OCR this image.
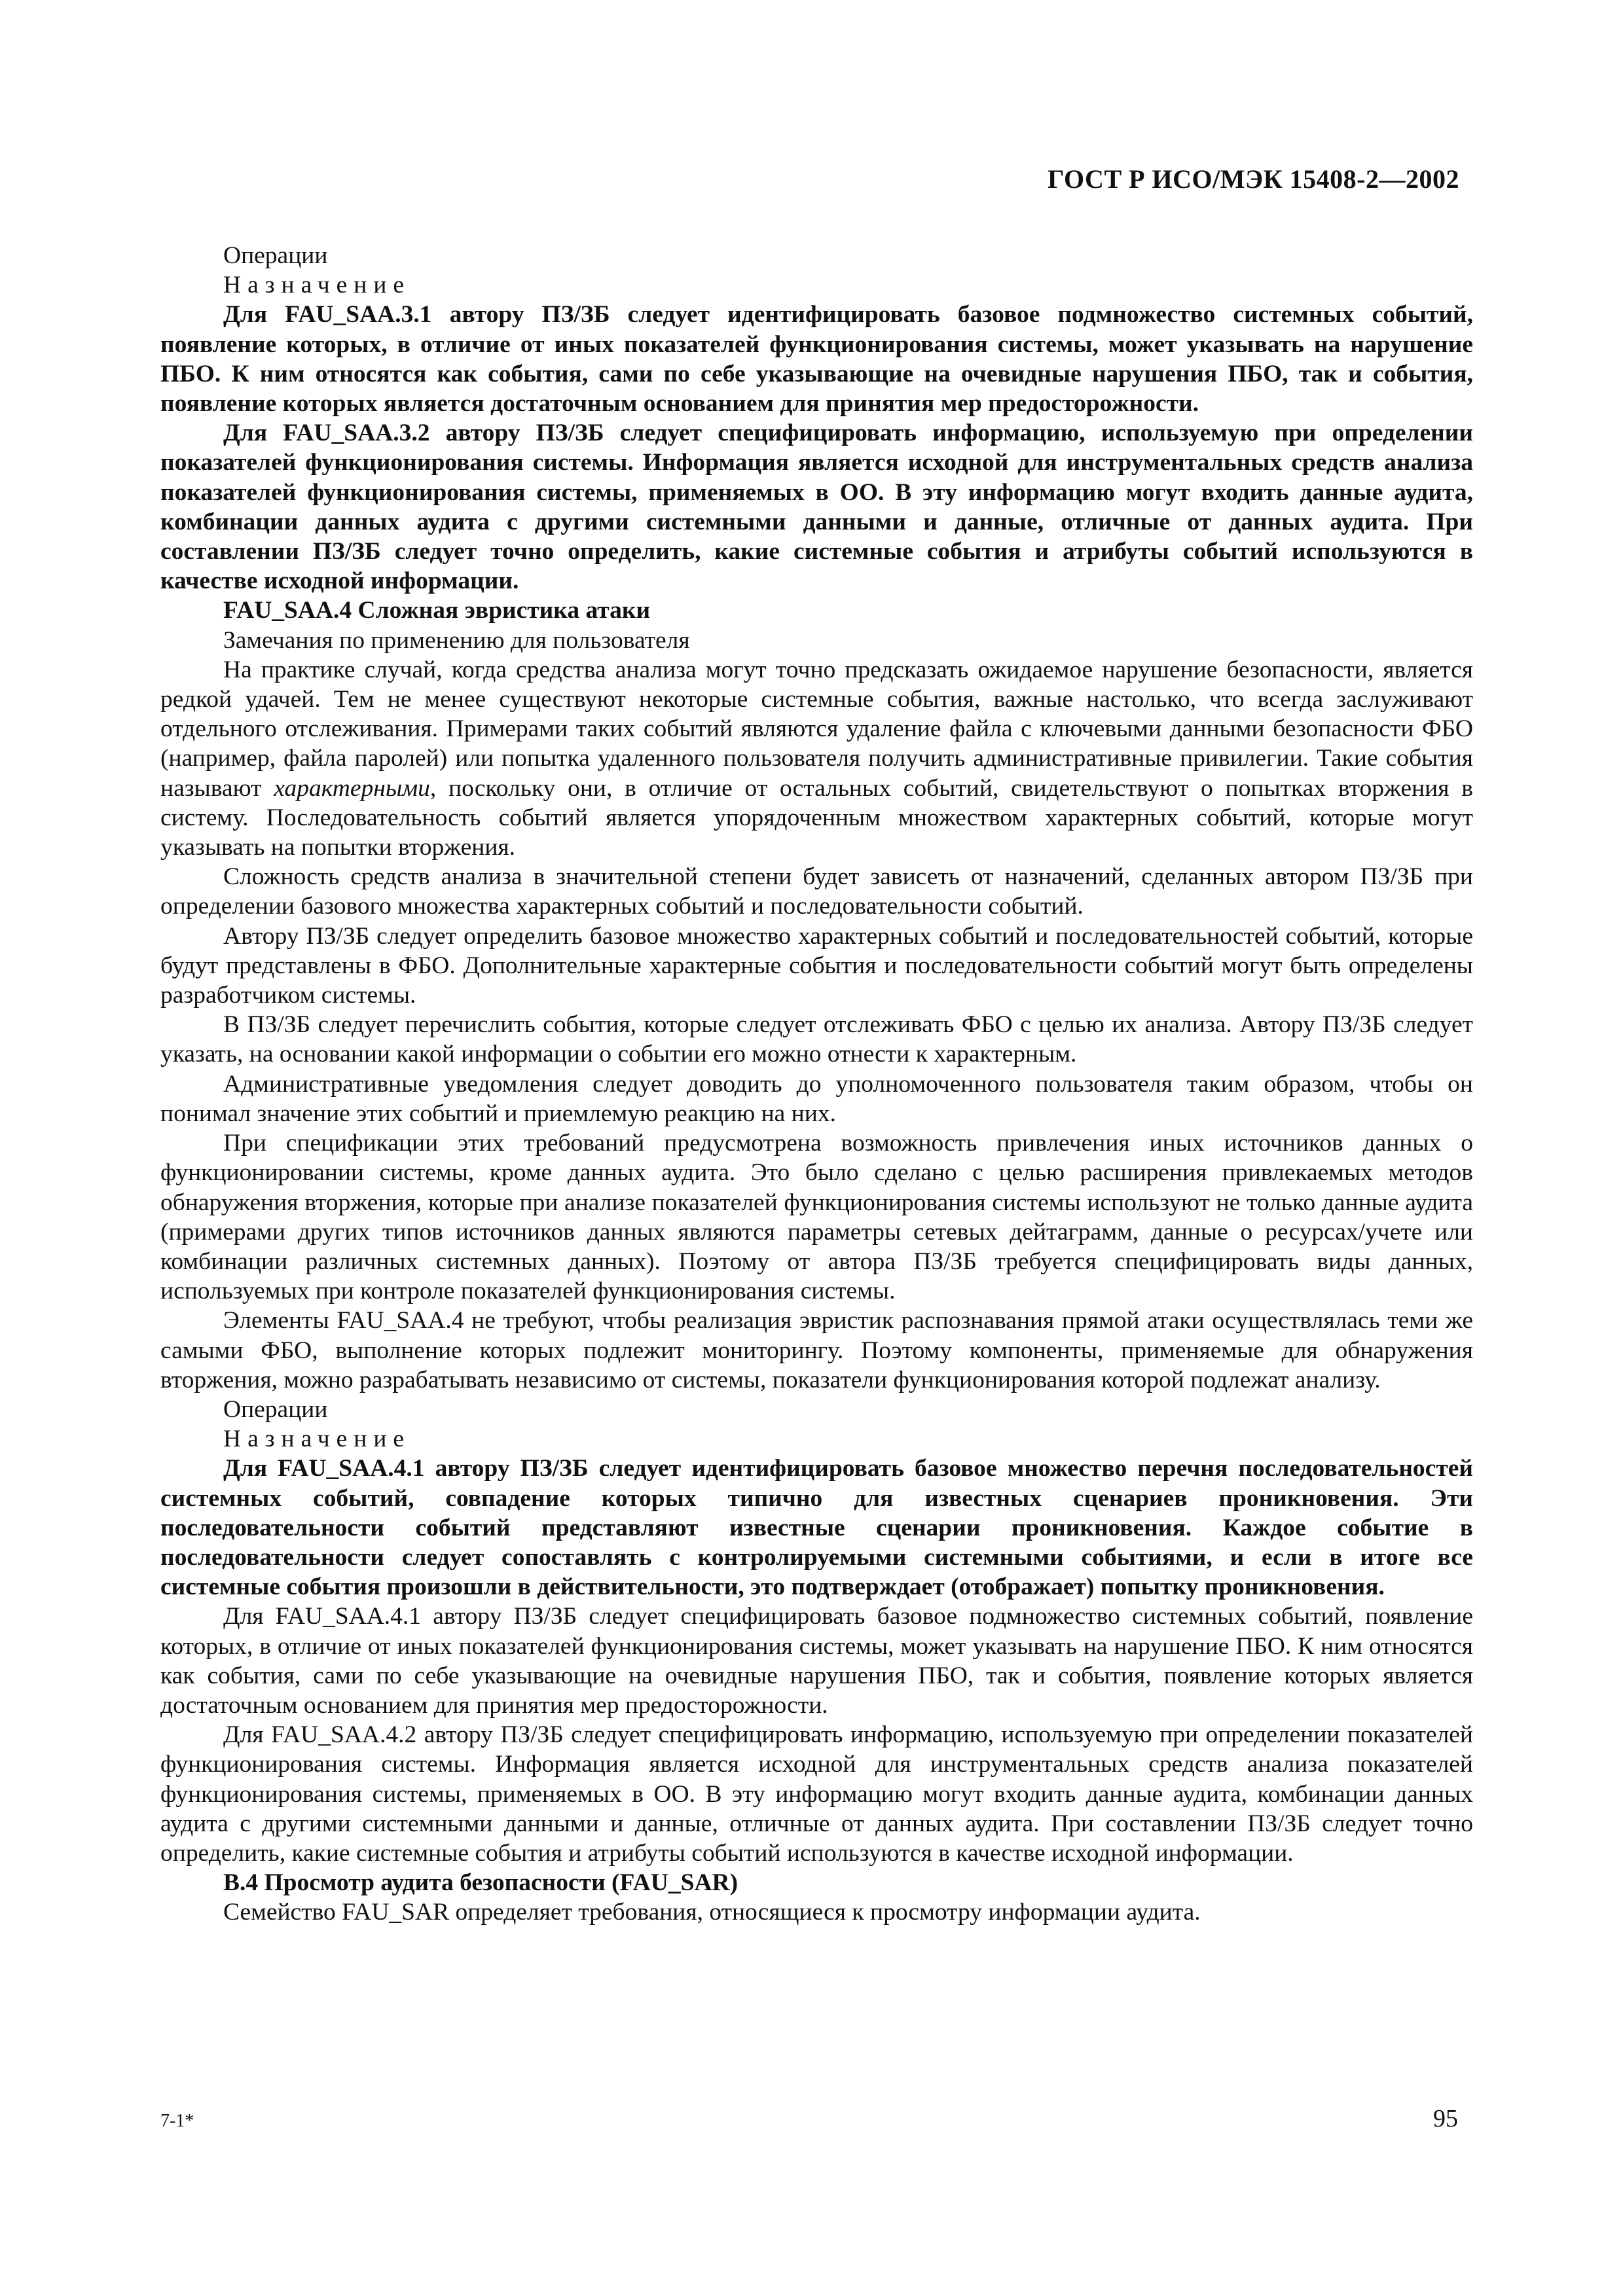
ГОСТ Р ИСО/МЭК 15408-2—2002

Операции

Назначение

Для FAU_SAA.3.1 автору ПЗ/ЗБ следует идентифицировать базовое подмножество системных событий, появление которых, в отличие от иных показателей функционирования системы, может указывать на нарушение ПБО. К ним относятся как события, сами по себе указывающие на очевидные нарушения ПБО, так и события, появление которых является достаточным основанием для принятия мер предосторожности.

Для FAU_SAA.3.2 автору ПЗ/ЗБ следует специфицировать информацию, используемую при определении показателей функционирования системы. Информация является исходной для инструментальных средств анализа показателей функционирования системы, применяемых в ОО. В эту информацию могут входить данные аудита, комбинации данных аудита с другими системными данными и данные, отличные от данных аудита. При составлении ПЗ/ЗБ следует точно определить, какие системные события и атрибуты событий используются в качестве исходной информации.

FAU_SAA.4 Сложная эвристика атаки

Замечания по применению для пользователя

На практике случай, когда средства анализа могут точно предсказать ожидаемое нарушение безопасности, является редкой удачей. Тем не менее существуют некоторые системные события, важные настолько, что всегда заслуживают отдельного отслеживания. Примерами таких событий являются удаление файла с ключевыми данными безопасности ФБО (например, файла паролей) или попытка удаленного пользователя получить административные привилегии. Такие события называют характерными, поскольку они, в отличие от остальных событий, свидетельствуют о попытках вторжения в систему. Последовательность событий является упорядоченным множеством характерных событий, которые могут указывать на попытки вторжения.

Сложность средств анализа в значительной степени будет зависеть от назначений, сделанных автором ПЗ/ЗБ при определении базового множества характерных событий и последовательности событий.

Автору ПЗ/ЗБ следует определить базовое множество характерных событий и последовательностей событий, которые будут представлены в ФБО. Дополнительные характерные события и последовательности событий могут быть определены разработчиком системы.

В ПЗ/ЗБ следует перечислить события, которые следует отслеживать ФБО с целью их анализа. Автору ПЗ/ЗБ следует указать, на основании какой информации о событии его можно отнести к характерным.

Административные уведомления следует доводить до уполномоченного пользователя таким образом, чтобы он понимал значение этих событий и приемлемую реакцию на них.

При спецификации этих требований предусмотрена возможность привлечения иных источников данных о функционировании системы, кроме данных аудита. Это было сделано с целью расширения привлекаемых методов обнаружения вторжения, которые при анализе показателей функционирования системы используют не только данные аудита (примерами других типов источников данных являются параметры сетевых дейтаграмм, данные о ресурсах/учете или комбинации различных системных данных). Поэтому от автора ПЗ/ЗБ требуется специфицировать виды данных, используемых при контроле показателей функционирования системы.

Элементы FAU_SAA.4 не требуют, чтобы реализация эвристик распознавания прямой атаки осуществлялась теми же самыми ФБО, выполнение которых подлежит мониторингу. Поэтому компоненты, применяемые для обнаружения вторжения, можно разрабатывать независимо от системы, показатели функционирования которой подлежат анализу.

Операции

Назначение

Для FAU_SAA.4.1 автору ПЗ/ЗБ следует идентифицировать базовое множество перечня последовательностей системных событий, совпадение которых типично для известных сценариев проникновения. Эти последовательности событий представляют известные сценарии проникновения. Каждое событие в последовательности следует сопоставлять с контролируемыми системными событиями, и если в итоге все системные события произошли в действительности, это подтверждает (отображает) попытку проникновения.

Для FAU_SAA.4.1 автору ПЗ/ЗБ следует специфицировать базовое подмножество системных событий, появление которых, в отличие от иных показателей функционирования системы, может указывать на нарушение ПБО. К ним относятся как события, сами по себе указывающие на очевидные нарушения ПБО, так и события, появление которых является достаточным основанием для принятия мер предосторожности.

Для FAU_SAA.4.2 автору ПЗ/ЗБ следует специфицировать информацию, используемую при определении показателей функционирования системы. Информация является исходной для инструментальных средств анализа показателей функционирования системы, применяемых в ОО. В эту информацию могут входить данные аудита, комбинации данных аудита с другими системными данными и данные, отличные от данных аудита. При составлении ПЗ/ЗБ следует точно определить, какие системные события и атрибуты событий используются в качестве исходной информации.

В.4 Просмотр аудита безопасности (FAU_SAR)

Семейство FAU_SAR определяет требования, относящиеся к просмотру информации аудита.

7-1*	95
